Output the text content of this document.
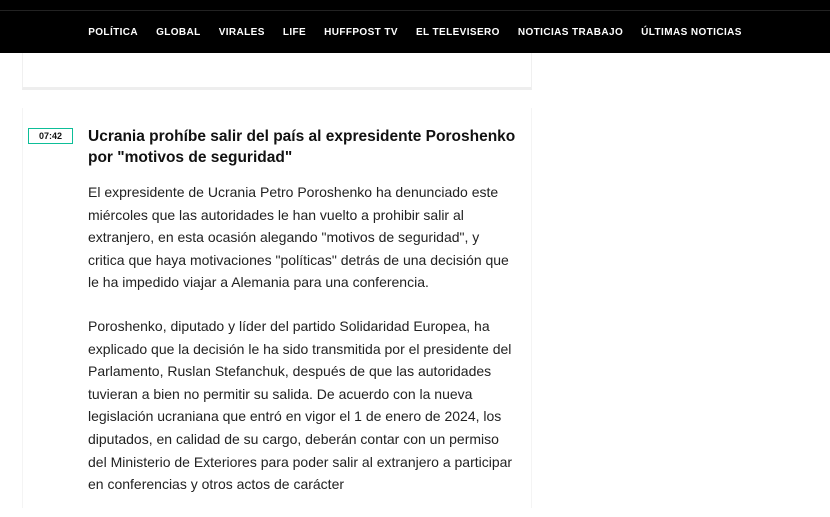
POLÍTICA GLOBAL VIRALES LIFE HUFFPOST TV EL TELEVISERO NOTICIAS TRABAJO ÚLTIMAS NOTICIAS
07:42	Ucrania prohíbe salir del país al expresidente Poroshenko por "motivos de seguridad"

El expresidente de Ucrania Petro Poroshenko ha denunciado este miércoles que las autoridades le han vuelto a prohibir salir al extranjero, en esta ocasión alegando "motivos de seguridad", y critica que haya motivaciones "políticas" detrás de una decisión que le ha impedido viajar a Alemania para una conferencia.

Poroshenko, diputado y líder del partido Solidaridad Europea, ha explicado que la decisión le ha sido transmitida por el presidente del Parlamento, Ruslan Stefanchuk, después de que las autoridades tuvieran a bien no permitir su salida. De acuerdo con la nueva legislación ucraniana que entró en vigor el 1 de enero de 2024, los diputados, en calidad de su cargo, deberán contar con un permiso del Ministerio de Exteriores para poder salir al extranjero a participar en conferencias y otros actos de carácter
